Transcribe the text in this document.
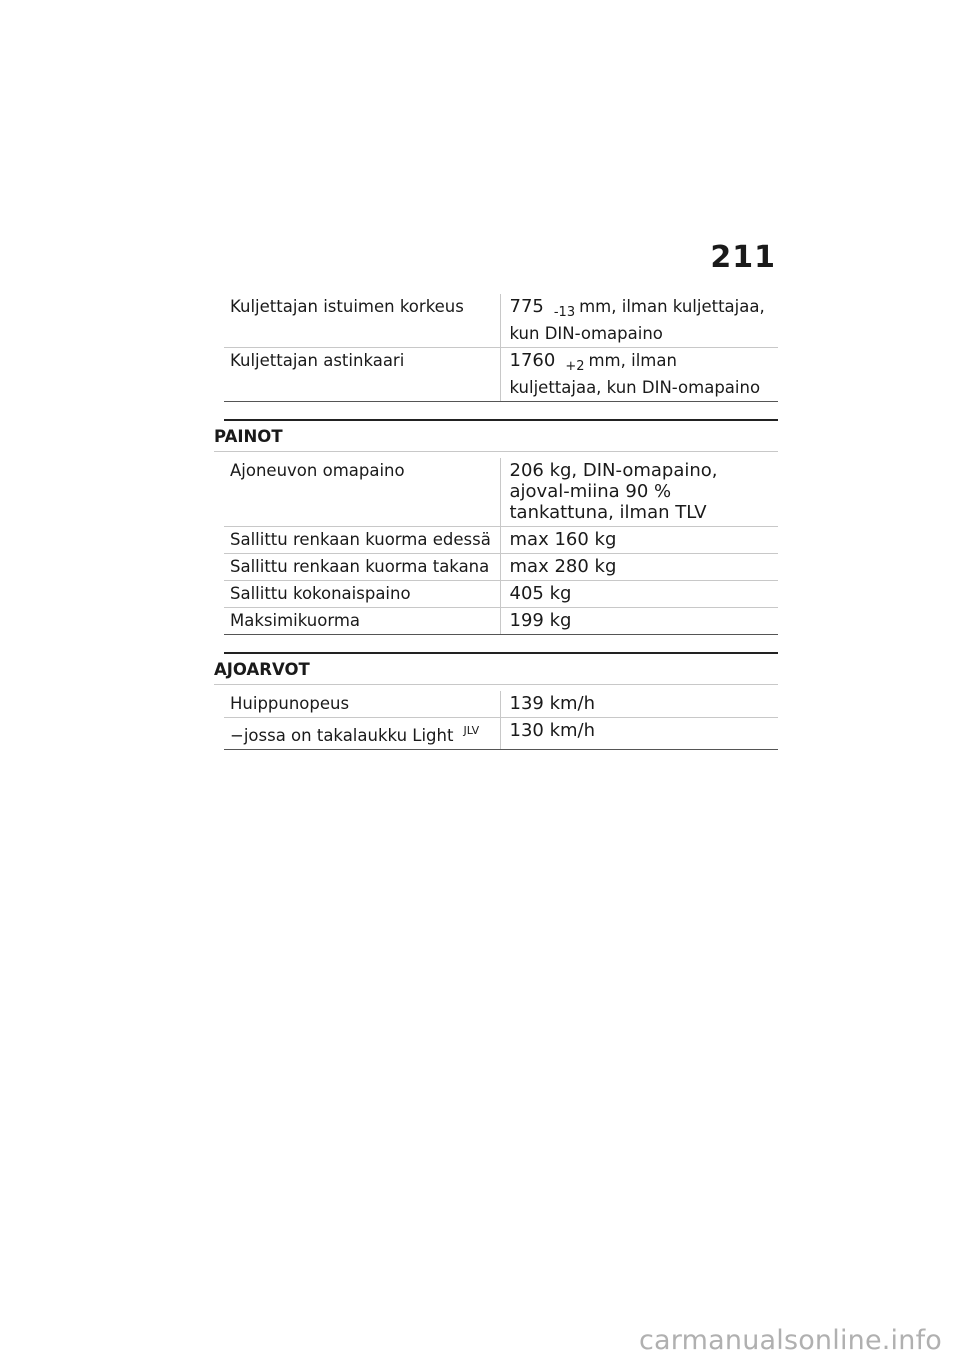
211
Kuljettajan istuimen korkeus	775 $_{-13}$ mm, ilman kuljettajaa, kun DIN-omapaino
Kuljettajan astinkaari	1760 $_{+2}$ mm, ilman kuljettajaa, kun DIN-omapaino
PAINOT
Ajoneuvon omapaino	206 kg, DIN-omapaino, ajoval-miina 90 % tankattuna, ilman TLV
Sallittu renkaan kuorma edessä	max 160 kg
Sallittu renkaan kuorma takana	max 280 kg
Sallittu kokonaispaino	405 kg
Maksimikuorma	199 kg
AJOARVOT
Huippunopeus	139 km/h
−jossa on takalaukku Light $^{JLV}$	130 km/h
carmanualsonline.info
